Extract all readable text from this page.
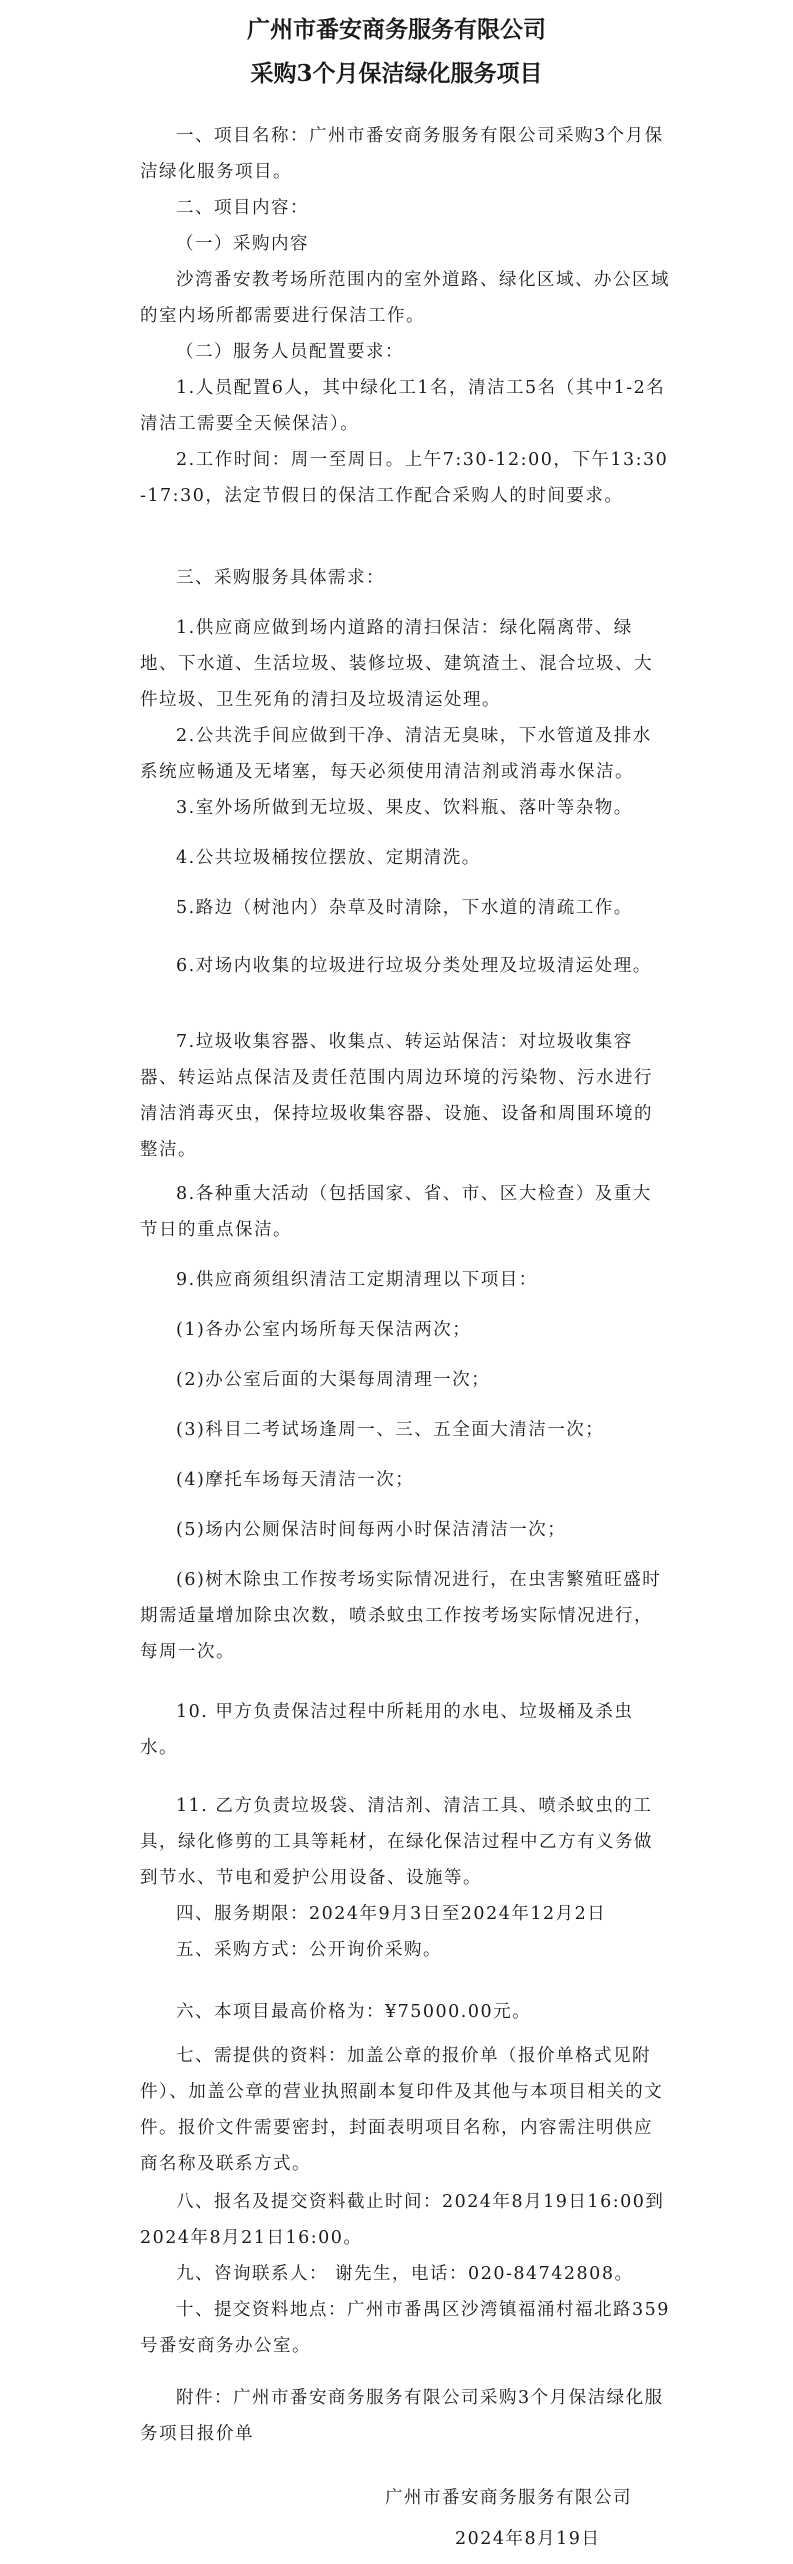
广州市番安商务服务有限公司
采购3个月保洁绿化服务项目
一、项目名称：广州市番安商务服务有限公司采购3个月保洁绿化服务项目。
二、项目内容：
（一）采购内容
沙湾番安教考场所范围内的室外道路、绿化区域、办公区域的室内场所都需要进行保洁工作。
（二）服务人员配置要求：
1.人员配置6人，其中绿化工1名，清洁工5名（其中1-2名清洁工需要全天候保洁）。
2.工作时间：周一至周日。上午7:30-12:00，下午13:30-17:30，法定节假日的保洁工作配合采购人的时间要求。
三、采购服务具体需求：
1.供应商应做到场内道路的清扫保洁：绿化隔离带、绿地、下水道、生活垃圾、装修垃圾、建筑渣土、混合垃圾、大件垃圾、卫生死角的清扫及垃圾清运处理。
2.公共洗手间应做到干净、清洁无臭味，下水管道及排水系统应畅通及无堵塞，每天必须使用清洁剂或消毒水保洁。
3.室外场所做到无垃圾、果皮、饮料瓶、落叶等杂物。
4.公共垃圾桶按位摆放、定期清洗。
5.路边（树池内）杂草及时清除，下水道的清疏工作。
6.对场内收集的垃圾进行垃圾分类处理及垃圾清运处理。
7.垃圾收集容器、收集点、转运站保洁：对垃圾收集容器、转运站点保洁及责任范围内周边环境的污染物、污水进行清洁消毒灭虫，保持垃圾收集容器、设施、设备和周围环境的整洁。
8.各种重大活动（包括国家、省、市、区大检查）及重大节日的重点保洁。
9.供应商须组织清洁工定期清理以下项目：
(1)各办公室内场所每天保洁两次；
(2)办公室后面的大渠每周清理一次；
(3)科目二考试场逢周一、三、五全面大清洁一次；
(4)摩托车场每天清洁一次；
(5)场内公厕保洁时间每两小时保洁清洁一次；
(6)树木除虫工作按考场实际情况进行，在虫害繁殖旺盛时期需适量增加除虫次数，喷杀蚊虫工作按考场实际情况进行，每周一次。
10. 甲方负责保洁过程中所耗用的水电、垃圾桶及杀虫水。
11. 乙方负责垃圾袋、清洁剂、清洁工具、喷杀蚊虫的工具，绿化修剪的工具等耗材，在绿化保洁过程中乙方有义务做到节水、节电和爱护公用设备、设施等。
四、服务期限：2024年9月3日至2024年12月2日
五、采购方式：公开询价采购。
六、本项目最高价格为：¥75000.00元。
七、需提供的资料：加盖公章的报价单（报价单格式见附件）、加盖公章的营业执照副本复印件及其他与本项目相关的文件。报价文件需要密封，封面表明项目名称，内容需注明供应商名称及联系方式。
八、报名及提交资料截止时间：2024年8月19日16:00到2024年8月21日16:00。
九、咨询联系人： 谢先生，电话：020-84742808。
十、提交资料地点：广州市番禺区沙湾镇福涌村福北路359号番安商务办公室。
附件：广州市番安商务服务有限公司采购3个月保洁绿化服务项目报价单
广州市番安商务服务有限公司
2024年8月19日
